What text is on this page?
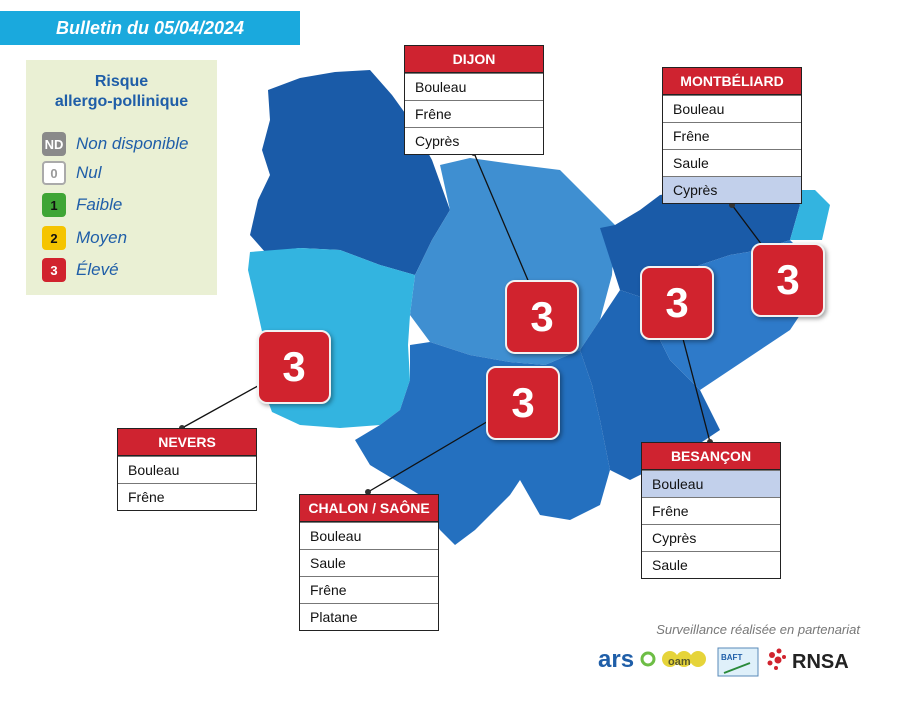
Bulletin du 05/04/2024
Risque
allergo-pollinique
ND Non disponible
0	Nul
1	Faible
2	Moyen
3	Élevé
3
3
3
3
3
DIJON
Bouleau
Frêne
Cyprès
MONTBÉLIARD
Bouleau
Frêne
Saule
Cyprès
NEVERS
Bouleau
Frêne
CHALON / SAÔNE
Bouleau
Saule
Frêne
Platane
BESANÇON
Bouleau
Frêne
Cyprès
Saule
Surveillance réalisée en partenariat
ars	oam	BAFT RNSA
